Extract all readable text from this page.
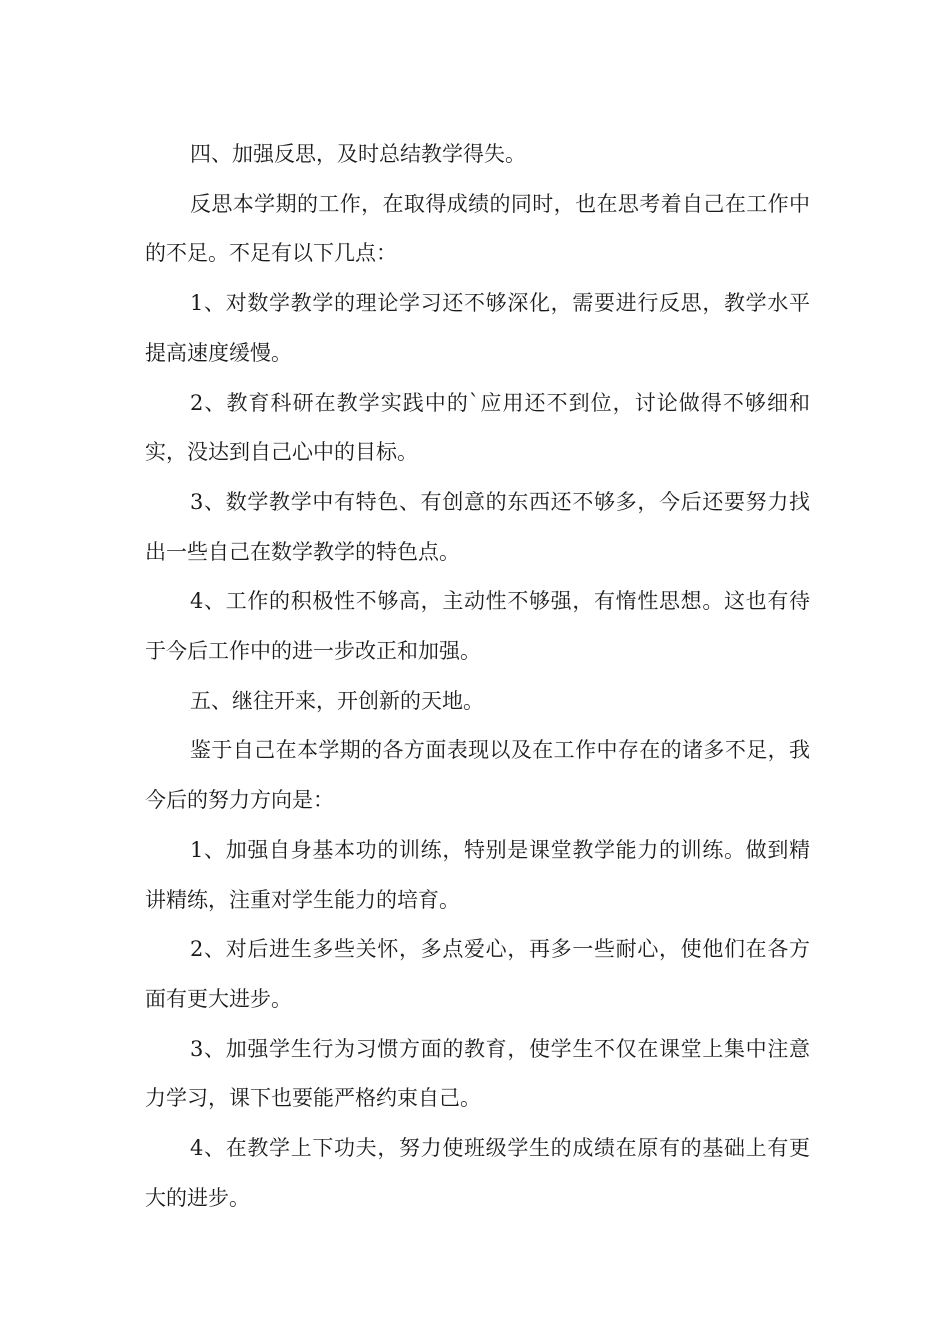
四、加强反思，及时总结教学得失。

反思本学期的工作，在取得成绩的同时，也在思考着自己在工作中的不足。不足有以下几点：

1、对数学教学的理论学习还不够深化，需要进行反思，教学水平提高速度缓慢。

2、教育科研在教学实践中的`应用还不到位，讨论做得不够细和实，没达到自己心中的目标。

3、数学教学中有特色、有创意的东西还不够多，今后还要努力找出一些自己在数学教学的特色点。

4、工作的积极性不够高，主动性不够强，有惰性思想。这也有待于今后工作中的进一步改正和加强。

五、继往开来，开创新的天地。

鉴于自己在本学期的各方面表现以及在工作中存在的诸多不足，我今后的努力方向是：

1、加强自身基本功的训练，特别是课堂教学能力的训练。做到精讲精练，注重对学生能力的培育。

2、对后进生多些关怀，多点爱心，再多一些耐心，使他们在各方面有更大进步。

3、加强学生行为习惯方面的教育，使学生不仅在课堂上集中注意力学习，课下也要能严格约束自己。

4、在教学上下功夫，努力使班级学生的成绩在原有的基础上有更大的进步。
